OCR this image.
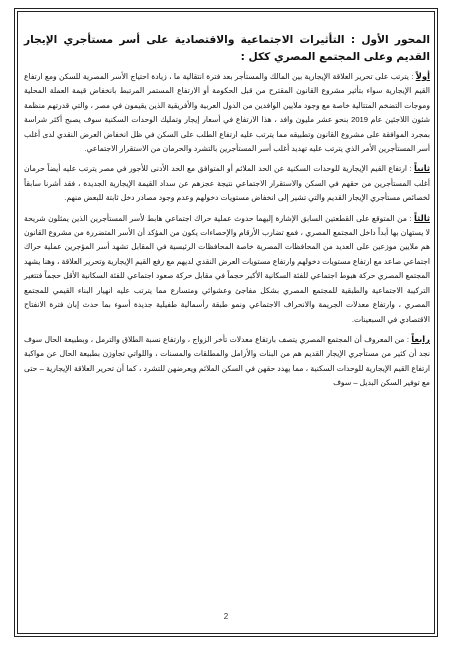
المحور الأول : التأثيرات الاجتماعية والاقتصادية على أسر مستأجري الإيجار القديم وعلى المجتمع المصري ككل :

أولاً : يترتب على تحرير العلاقة الإيجارية بين المالك والمستأجر بعد فترة انتقالية ما ، زيادة احتياج الأسر المصرية للسكن ومع ارتفاع القيم الإيجارية سواء بتأثير مشروع القانون المقترح من قبل الحكومة أو الارتفاع المستمر المرتبط بانخفاض قيمة العملة المحلية وموجات التضخم المتتالية خاصة مع وجود ملايين الوافدين من الدول العربية والأفريقية الذين يقيمون في مصر ، والتي قدرتهم منظمة شئون اللاجئين عام 2019 بنحو عشر مليون وافد ، هذا الارتفاع في أسعار إيجار وتمليك الوحدات السكنية سوف يصبح أكثر شراسة بمجرد الموافقة على مشروع القانون وتطبيقه مما يترتب عليه ارتفاع الطلب على السكن في ظل انخفاض العرض النقدي لدى أغلب أسر المستأجرين الأمر الذي يترتب عليه تهديد أغلب أسر المستأجرين بالتشرد والحرمان من الاستقرار الاجتماعي.

ثانياً : ارتفاع القيم الإيجارية للوحدات السكنية عن الحد الملائم أو المتوافق مع الحد الأدنى للأجور في مصر يترتب عليه أيضاً حرمان أغلب المستأجرين من حقهم في السكن والاستقرار الاجتماعي نتيجة عجزهم عن سداد القيمة الإيجارية الجديدة ، فقد أشرنا سابقاً لخصائص مستأجري الإيجار القديم والتي تشير إلى انخفاض مستويات دخولهم وعدم وجود مصادر دخل ثابتة للبعض منهم.

ثالثاً : من المتوقع على القطعتين السابق الإشارة إليهما حدوث عملية حراك اجتماعي هابط لأسر المستأجرين الذين يمثلون شريحة لا يستهان بها أبداً داخل المجتمع المصري ، فمع تضارب الأرقام والإحصاءات يكون من المؤكد أن الأسر المتضررة من مشروع القانون هم ملايين موزعين على العديد من المحافظات المصرية خاصة المحافظات الرئيسية في المقابل تشهد أسر المؤجرين عملية حراك اجتماعي صاعد مع ارتفاع مستويات دخولهم وارتفاع مستويات العرض النقدي لديهم مع رفع القيم الإيجارية وتحرير العلاقة ، وهنا يشهد المجتمع المصري حركة هبوط اجتماعي للفئة السكانية الأكبر حجماً في مقابل حركة صعود اجتماعي للفئة السكانية الأقل حجماً فتتغير التركيبة الاجتماعية والطبقية للمجتمع المصري بشكل مفاجئ وعشوائي ومتسارع مما يترتب عليه انهيار البناء القيمي للمجتمع المصري ، وارتفاع معدلات الجريمة والانحراف الاجتماعي ونمو طبقة رأسمالية طفيلية جديدة أسوء بما حدث إبان فترة الانفتاح الاقتصادي في السبعينات.

رابعاً : من المعروف أن المجتمع المصري يتصف بارتفاع معدلات تأخر الزواج ، وارتفاع نسبة الطلاق والترمل ، وبطبيعة الحال سوف نجد أن كثير من مستأجري الإيجار القديم هم من البنات والأرامل والمطلقات والمسنات ، واللواتي تجاوزن بطبيعة الحال عن مواكبة ارتفاع القيم الإيجارية للوحدات السكنية ، مما يهدد حقهن في السكن الملائم ويعرضهن للتشرد ، كما أن تحرير العلاقة الإيجارية – حتى مع توفير السكن البديل – سوف

2
